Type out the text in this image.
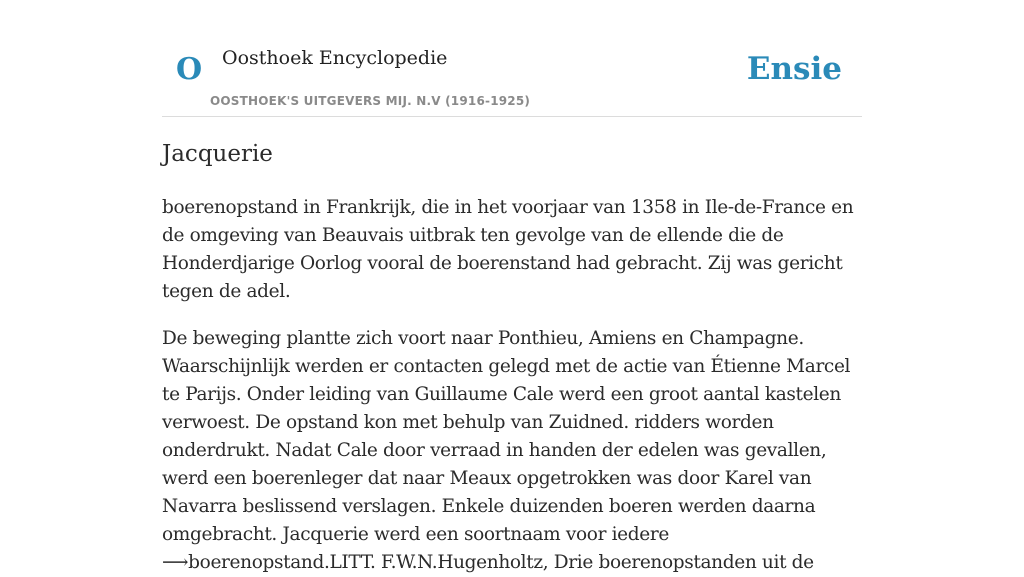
O Oosthoek Encyclopedie
OOSTHOEK'S UITGEVERS MIJ. N.V (1916-1925)
Ensie
Jacquerie

boerenopstand in Frankrijk, die in het voorjaar van 1358 in Ile-de-France en de omgeving van Beauvais uitbrak ten gevolge van de ellende die de Honderdjarige Oorlog vooral de boerenstand had gebracht. Zij was gericht tegen de adel.

De beweging plantte zich voort naar Ponthieu, Amiens en Champagne. Waarschijnlijk werden er contacten gelegd met de actie van Étienne Marcel te Parijs. Onder leiding van Guillaume Cale werd een groot aantal kastelen verwoest. De opstand kon met behulp van Zuidned. ridders worden onderdrukt. Nadat Cale door verraad in handen der edelen was gevallen, werd een boerenleger dat naar Meaux opgetrokken was door Karel van Navarra beslissend verslagen. Enkele duizenden boeren werden daarna omgebracht. Jacquerie werd een soortnaam voor iedere ⟶boerenopstand.LITT. F.W.N.Hugenholtz, Drie boerenopstanden uit de
